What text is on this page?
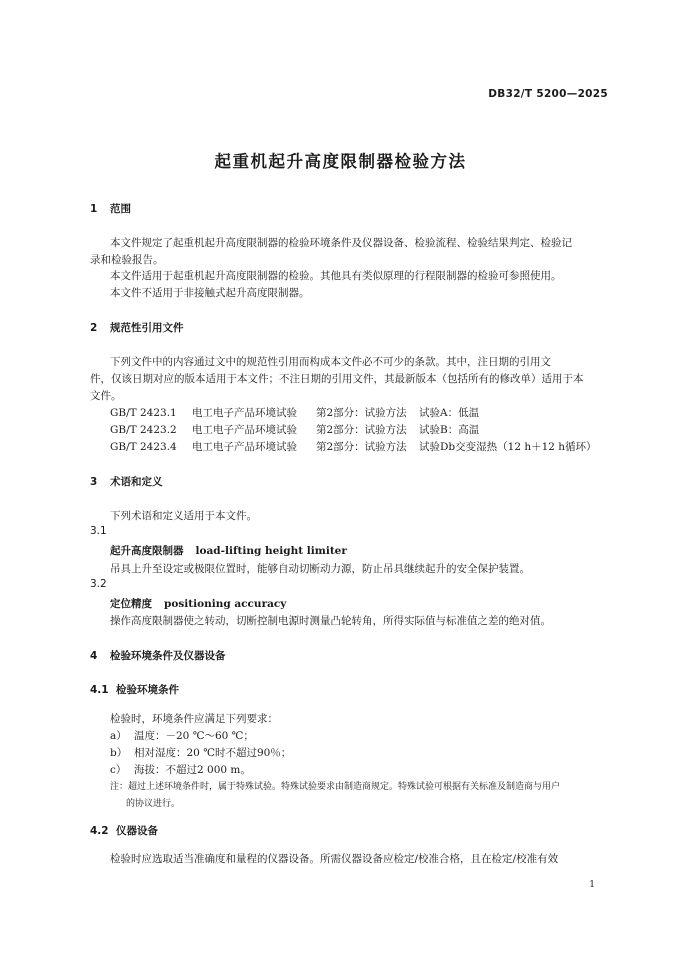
DB32/T 5200—2025
起重机起升高度限制器检验方法
1 范围
本文件规定了起重机起升高度限制器的检验环境条件及仪器设备、检验流程、检验结果判定、检验记
录和检验报告。
本文件适用于起重机起升高度限制器的检验。其他具有类似原理的行程限制器的检验可参照使用。
本文件不适用于非接触式起升高度限制器。
2 规范性引用文件
下列文件中的内容通过文中的规范性引用而构成本文件必不可少的条款。其中，注日期的引用文
件，仅该日期对应的版本适用于本文件；不注日期的引用文件，其最新版本（包括所有的修改单）适用于本
文件。
GB/T 2423.1 电工电子产品环境试验 第2部分：试验方法 试验A：低温
GB/T 2423.2 电工电子产品环境试验 第2部分：试验方法 试验B：高温
GB/T 2423.4 电工电子产品环境试验 第2部分：试验方法 试验Db交变湿热（12 h＋12 h循环）
3 术语和定义
下列术语和定义适用于本文件。
3.1
起升高度限制器 load-lifting height limiter
吊具上升至设定或极限位置时，能够自动切断动力源，防止吊具继续起升的安全保护装置。
3.2
定位精度 positioning accuracy
操作高度限制器使之转动，切断控制电源时测量凸轮转角，所得实际值与标准值之差的绝对值。
4 检验环境条件及仪器设备
4.1 检验环境条件
检验时，环境条件应满足下列要求：
a） 温度：－20 ℃～60 ℃；
b） 相对湿度：20 ℃时不超过90％；
c） 海拔：不超过2 000 m。
注：超过上述环境条件时，属于特殊试验。特殊试验要求由制造商规定。特殊试验可根据有关标准及制造商与用户
的协议进行。
4.2 仪器设备
检验时应选取适当准确度和量程的仪器设备。所需仪器设备应检定/校准合格，且在检定/校准有效
1
